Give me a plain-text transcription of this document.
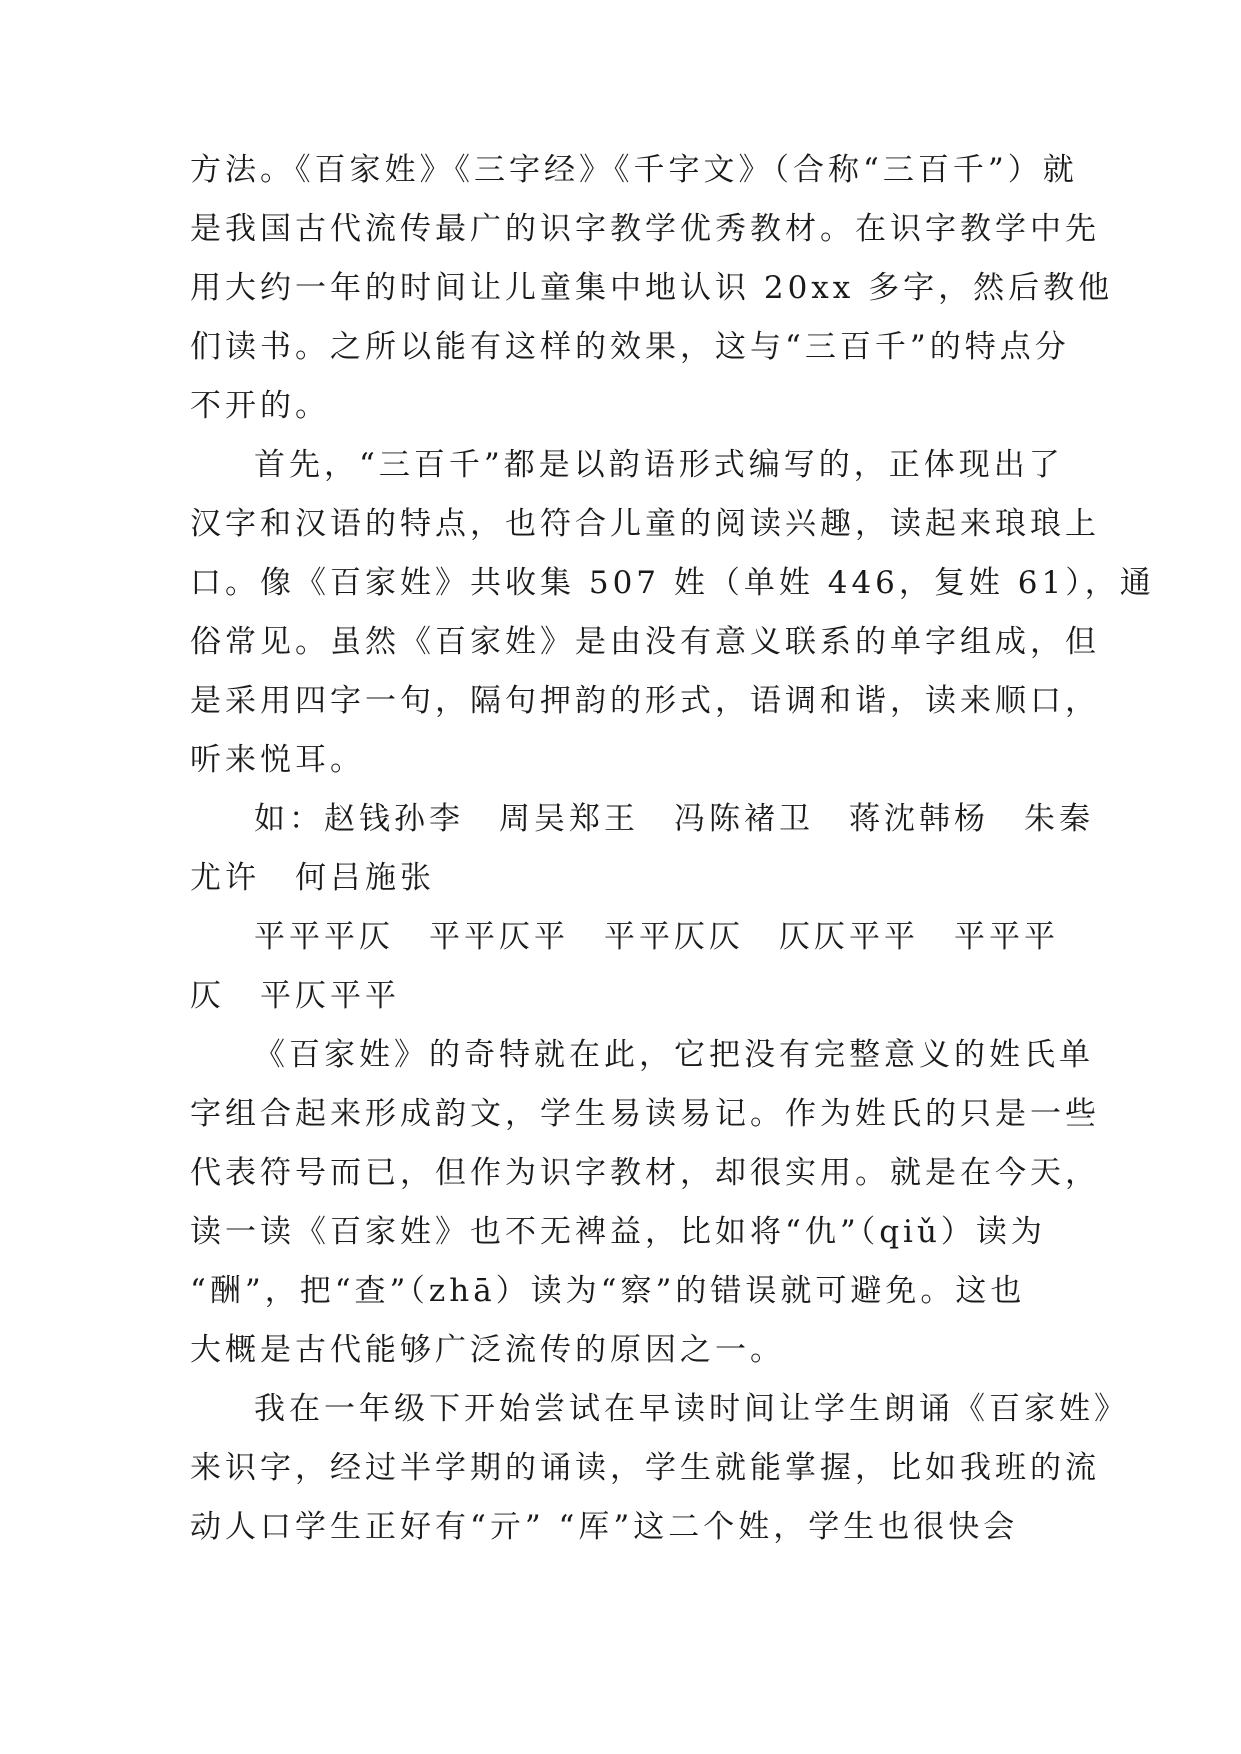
方法。《百家姓》《三字经》《千字文》（合称“三百千”）就
是我国古代流传最广的识字教学优秀教材。在识字教学中先
用大约一年的时间让儿童集中地认识 20xx 多字，然后教他
们读书。之所以能有这样的效果，这与“三百千”的特点分
不开的。
首先，“三百千”都是以韵语形式编写的，正体现出了
汉字和汉语的特点，也符合儿童的阅读兴趣，读起来琅琅上
口。像《百家姓》共收集 507 姓（单姓 446，复姓 61），通
俗常见。虽然《百家姓》是由没有意义联系的单字组成，但
是采用四字一句，隔句押韵的形式，语调和谐，读来顺口，
听来悦耳。
如：赵钱孙李　周吴郑王　冯陈褚卫　蒋沈韩杨　朱秦
尤许　何吕施张
平平平仄　平平仄平　平平仄仄　仄仄平平　平平平
仄　平仄平平
《百家姓》的奇特就在此，它把没有完整意义的姓氏单
字组合起来形成韵文，学生易读易记。作为姓氏的只是一些
代表符号而已，但作为识字教材，却很实用。就是在今天，
读一读《百家姓》也不无裨益，比如将“仇”（qiǔ）读为
“酬”，把“查”（zhā）读为“察”的错误就可避免。这也
大概是古代能够广泛流传的原因之一。
我在一年级下开始尝试在早读时间让学生朗诵《百家姓》
来识字，经过半学期的诵读，学生就能掌握，比如我班的流
动人口学生正好有“亓” “厍”这二个姓，学生也很快会
